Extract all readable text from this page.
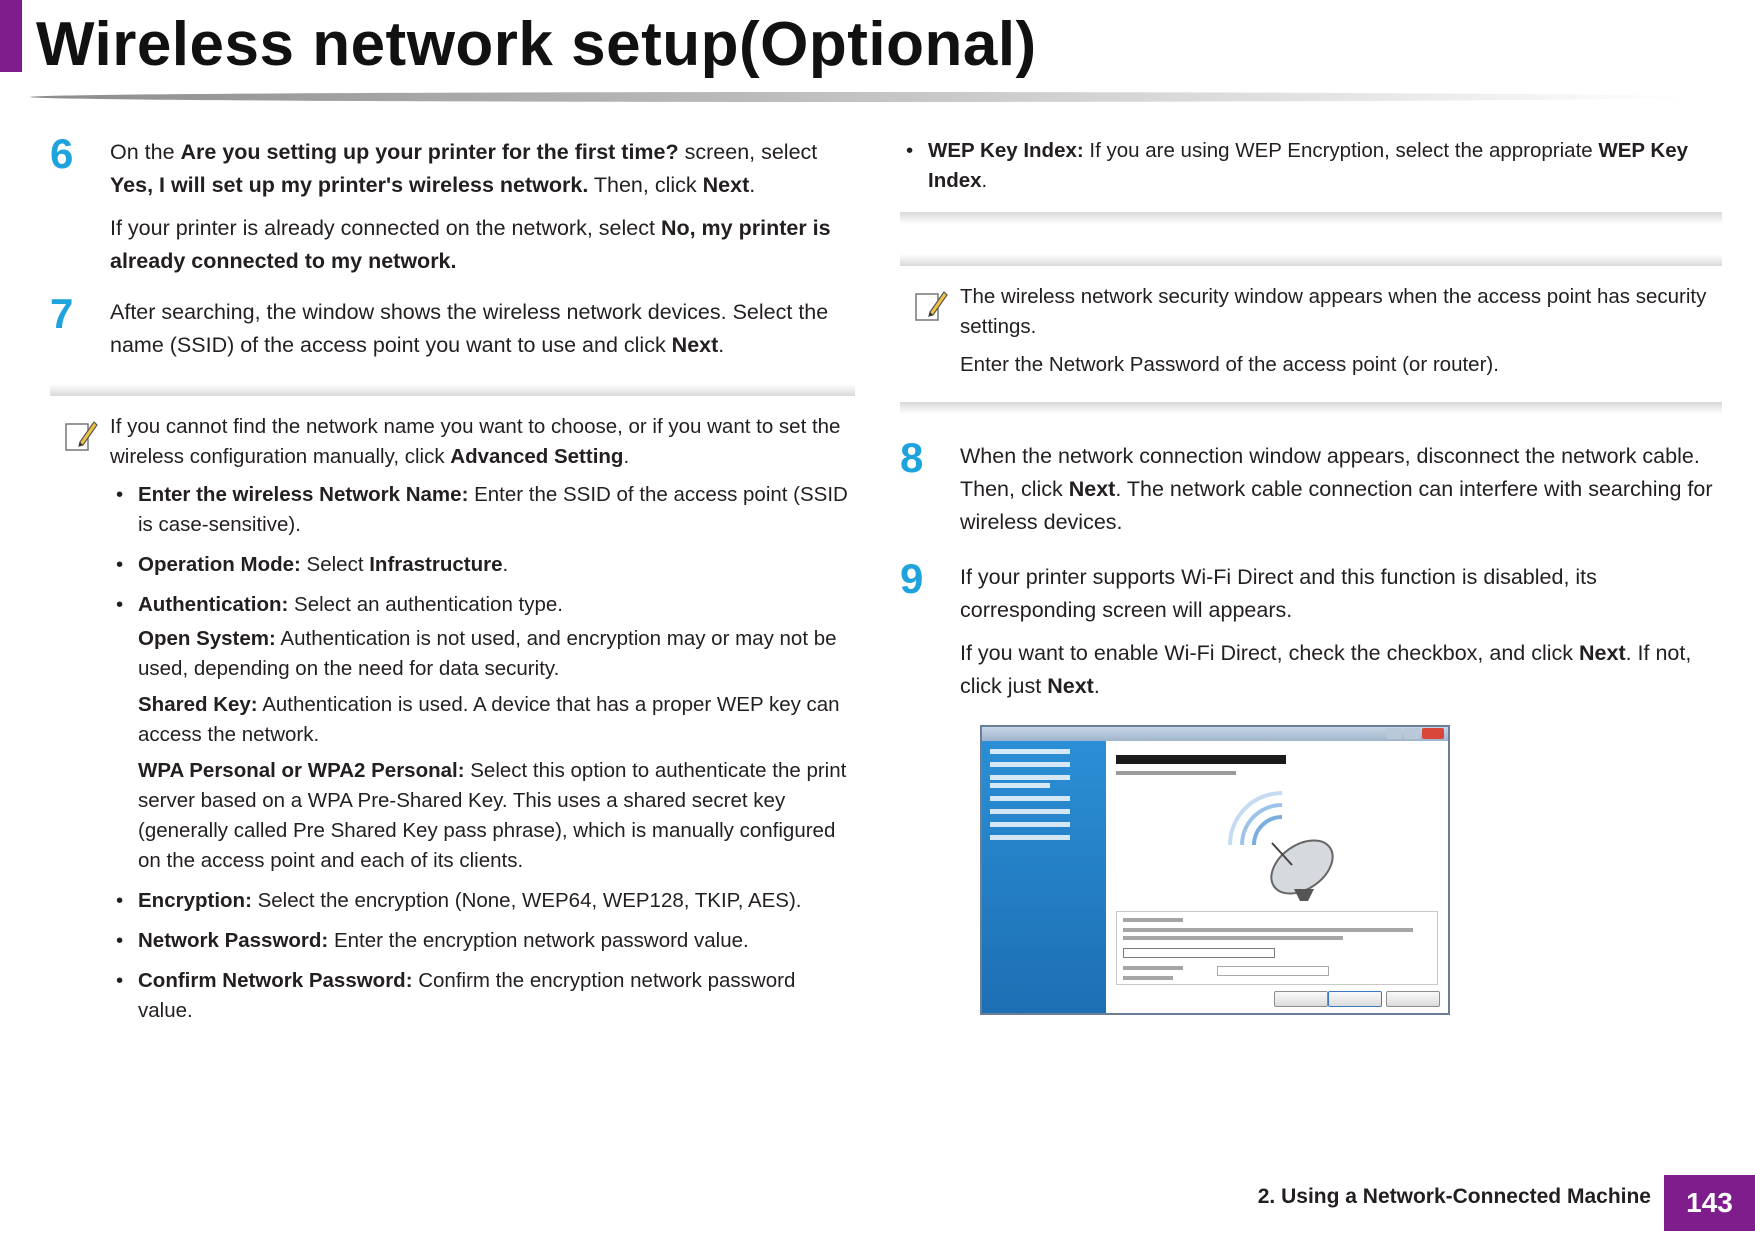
Wireless network setup(Optional)
6 On the Are you setting up your printer for the first time? screen, select Yes, I will set up my printer's wireless network. Then, click Next.

If your printer is already connected on the network, select No, my printer is already connected to my network.

7 After searching, the window shows the wireless network devices. Select the name (SSID) of the access point you want to use and click Next.

If you cannot find the network name you want to choose, or if you want to set the wireless configuration manually, click Advanced Setting.

• Enter the wireless Network Name: Enter the SSID of the access point (SSID is case-sensitive).
• Operation Mode: Select Infrastructure.
• Authentication: Select an authentication type.

Open System: Authentication is not used, and encryption may or may not be used, depending on the need for data security.

Shared Key: Authentication is used. A device that has a proper WEP key can access the network.

WPA Personal or WPA2 Personal: Select this option to authenticate the print server based on a WPA Pre-Shared Key. This uses a shared secret key (generally called Pre Shared Key pass phrase), which is manually configured on the access point and each of its clients.

• Encryption: Select the encryption (None, WEP64, WEP128, TKIP, AES).
• Network Password: Enter the encryption network password value.
• Confirm Network Password: Confirm the encryption network password value.
• WEP Key Index: If you are using WEP Encryption, select the appropriate WEP Key Index.

The wireless network security window appears when the access point has security settings.

Enter the Network Password of the access point (or router).

8 When the network connection window appears, disconnect the network cable. Then, click Next. The network cable connection can interfere with searching for wireless devices.

9 If your printer supports Wi-Fi Direct and this function is disabled, its corresponding screen will appears.

If you want to enable Wi-Fi Direct, check the checkbox, and click Next. If not, click just Next.

2. Using a Network-Connected Machine	143
